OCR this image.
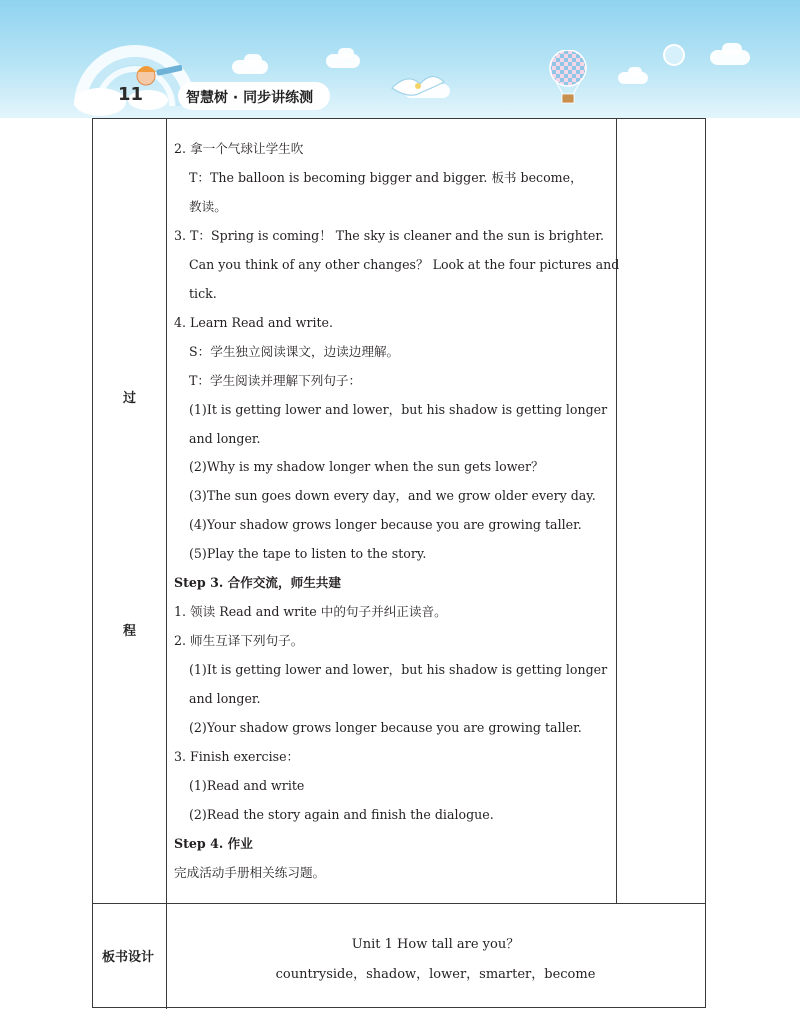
11	智慧树 · 同步讲练测
过
程
板书设计
2. 拿一个气球让学生吹
T：The balloon is becoming bigger and bigger. 板书 become，
教读。
3. T：Spring is coming！ The sky is cleaner and the sun is brighter.
Can you think of any other changes？ Look at the four pictures and
tick.
4. Learn Read and write.
S：学生独立阅读课文，边读边理解。
T：学生阅读并理解下列句子：
(1)It is getting lower and lower，but his shadow is getting longer
and longer.
(2)Why is my shadow longer when the sun gets lower？
(3)The sun goes down every day，and we grow older every day.
(4)Your shadow grows longer because you are growing taller.
(5)Play the tape to listen to the story.
Step 3. 合作交流，师生共建
1. 领读 Read and write 中的句子并纠正读音。
2. 师生互译下列句子。
(1)It is getting lower and lower，but his shadow is getting longer
and longer.
(2)Your shadow grows longer because you are growing taller.
3. Finish exercise：
(1)Read and write
(2)Read the story again and finish the dialogue.
Step 4. 作业
完成活动手册相关练习题。
Unit 1 How tall are you？
countryside，shadow，lower，smarter，become
